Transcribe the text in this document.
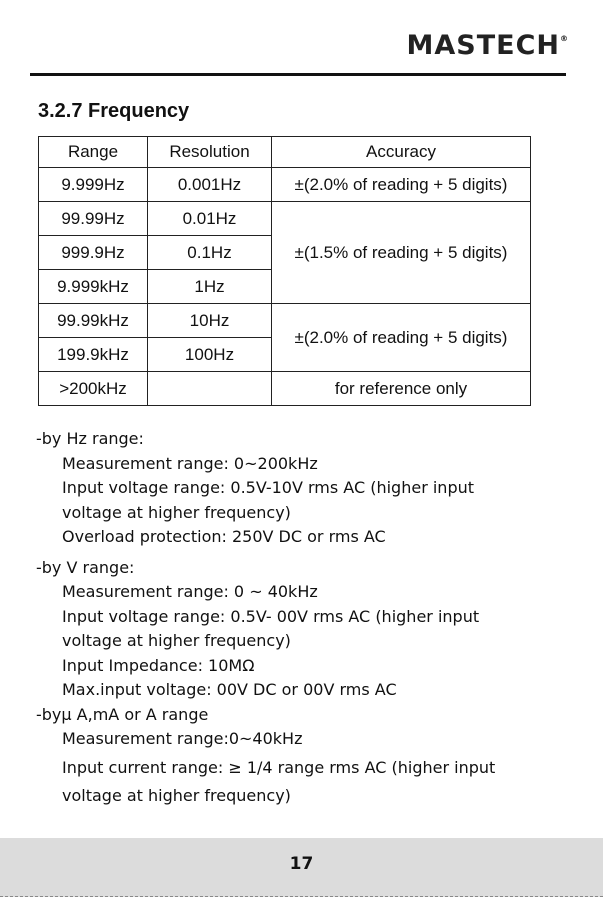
MASTECH®
3.2.7 Frequency
Range	Resolution	Accuracy
9.999Hz	0.001Hz	±(2.0% of reading + 5 digits)
99.99Hz	0.01Hz	±(1.5% of reading + 5 digits)
999.9Hz	0.1Hz	
9.999kHz	1Hz	
99.99kHz	10Hz	±(2.0% of reading + 5 digits)
199.9kHz	100Hz	
>200kHz		for reference only
-by Hz range:
Measurement range: 0~200kHz
Input voltage range: 0.5V-10V rms AC (higher input
voltage at higher frequency)
Overload protection: 250V DC or rms AC
-by V range:
Measurement range: 0 ~ 40kHz
Input voltage range: 0.5V- 00V rms AC (higher input
voltage at higher frequency)
Input Impedance: 10MΩ
Max.input voltage: 00V DC or 00V rms AC
-byμ A,mA or A range
Measurement range:0~40kHz
Input current range: ≥ 1/4 range rms AC (higher input
voltage at higher frequency)
17
